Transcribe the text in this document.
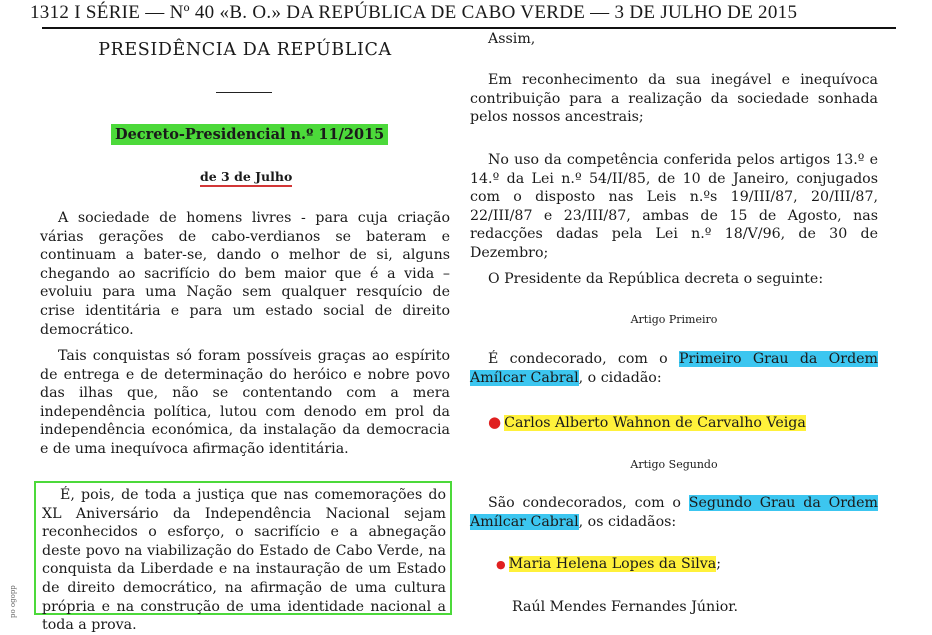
1312 I SÉRIE — Nº 40 «B. O.» DA REPÚBLICA DE CABO VERDE — 3 DE JULHO DE 2015
PRESIDÊNCIA DA REPÚBLICA
Decreto-Presidencial n.º 11/2015
de 3 de Julho

A sociedade de homens livres - para cuja criação várias gerações de cabo-verdianos se bateram e continuam a bater-se, dando o melhor de si, alguns chegando ao sacrifício do bem maior que é a vida – evoluiu para uma Nação sem qualquer resquício de crise identitária e para um estado social de direito democrático.

Tais conquistas só foram possíveis graças ao espírito de entrega e de determinação do heróico e nobre povo das ilhas que, não se contentando com a mera independência política, lutou com denodo em prol da independência económica, da instalação da democracia e de uma inequívoca afirmação identitária.

É, pois, de toda a justiça que nas comemorações do XL Aniversário da Independência Nacional sejam reconhecidos o esforço, o sacrifício e a abnegação deste povo na viabilização do Estado de Cabo Verde, na conquista da Liberdade e na instauração de um Estado de direito democrático, na afirmação de uma cultura própria e na construção de uma identidade nacional a toda a prova.

po ogopp

Assim,

Em reconhecimento da sua inegável e inequívoca contribuição para a realização da sociedade sonhada pelos nossos ancestrais;

No uso da competência conferida pelos artigos 13.º e 14.º da Lei n.º 54/II/85, de 10 de Janeiro, conjugados com o disposto nas Leis n.ºs 19/III/87, 20/III/87, 22/III/87 e 23/III/87, ambas de 15 de Agosto, nas redacções dadas pela Lei n.º 18/V/96, de 30 de Dezembro;

O Presidente da República decreta o seguinte:

Artigo Primeiro

É condecorado, com o Primeiro Grau da Ordem Amílcar Cabral, o cidadão:

● Carlos Alberto Wahnon de Carvalho Veiga
Artigo Segundo

São condecorados, com o Segundo Grau da Ordem Amílcar Cabral, os cidadãos:

● Maria Helena Lopes da Silva;
Raúl Mendes Fernandes Júnior.
